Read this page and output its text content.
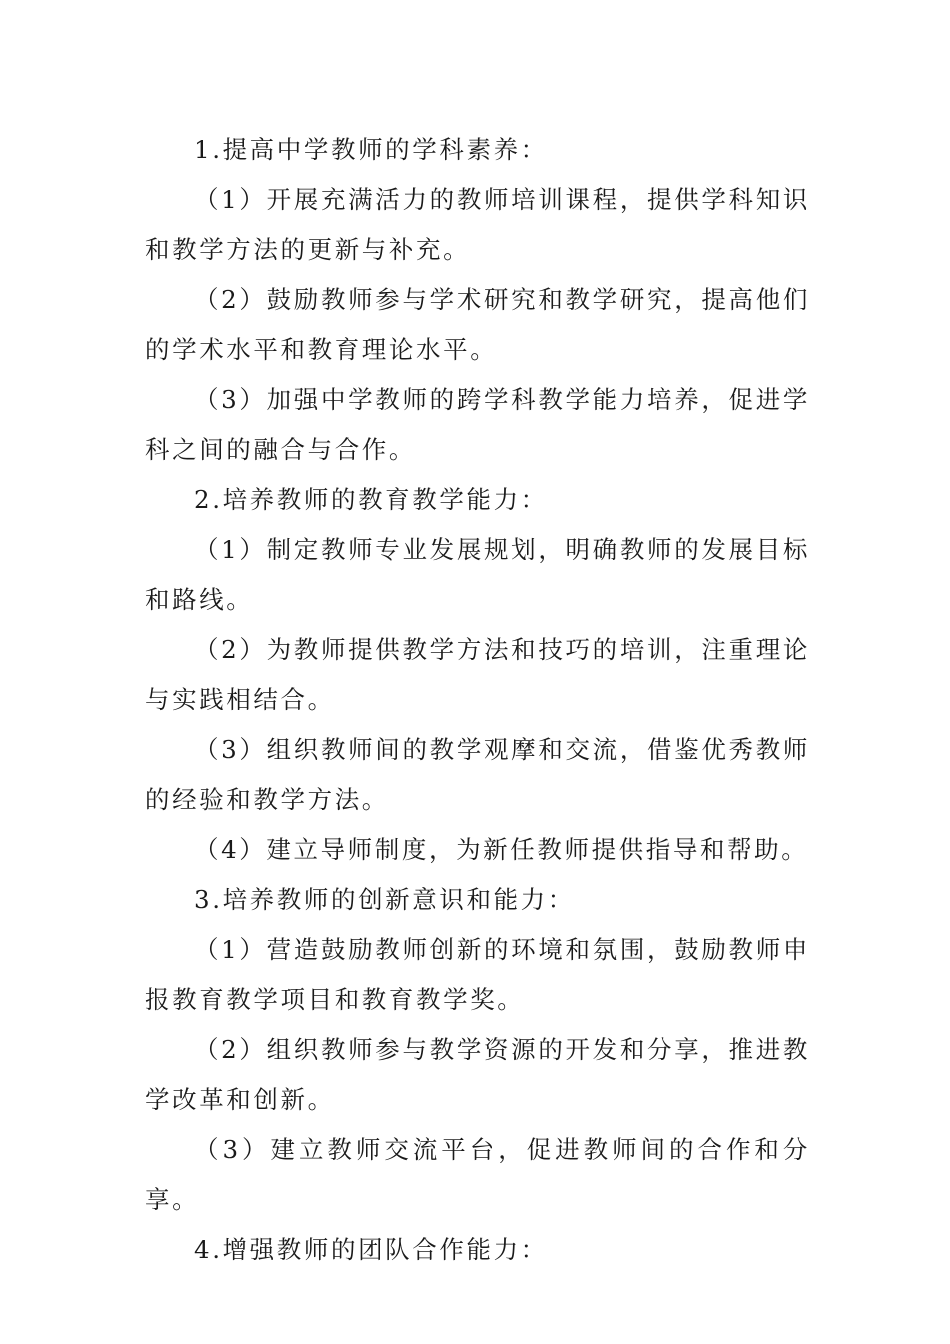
1.提高中学教师的学科素养：

（1）开展充满活力的教师培训课程，提供学科知识和教学方法的更新与补充。

（2）鼓励教师参与学术研究和教学研究，提高他们的学术水平和教育理论水平。

（3）加强中学教师的跨学科教学能力培养，促进学科之间的融合与合作。

2.培养教师的教育教学能力：

（1）制定教师专业发展规划，明确教师的发展目标和路线。

（2）为教师提供教学方法和技巧的培训，注重理论与实践相结合。

（3）组织教师间的教学观摩和交流，借鉴优秀教师的经验和教学方法。

（4）建立导师制度，为新任教师提供指导和帮助。

3.培养教师的创新意识和能力：

（1）营造鼓励教师创新的环境和氛围，鼓励教师申报教育教学项目和教育教学奖。

（2）组织教师参与教学资源的开发和分享，推进教学改革和创新。

（3）建立教师交流平台，促进教师间的合作和分享。

4.增强教师的团队合作能力：
